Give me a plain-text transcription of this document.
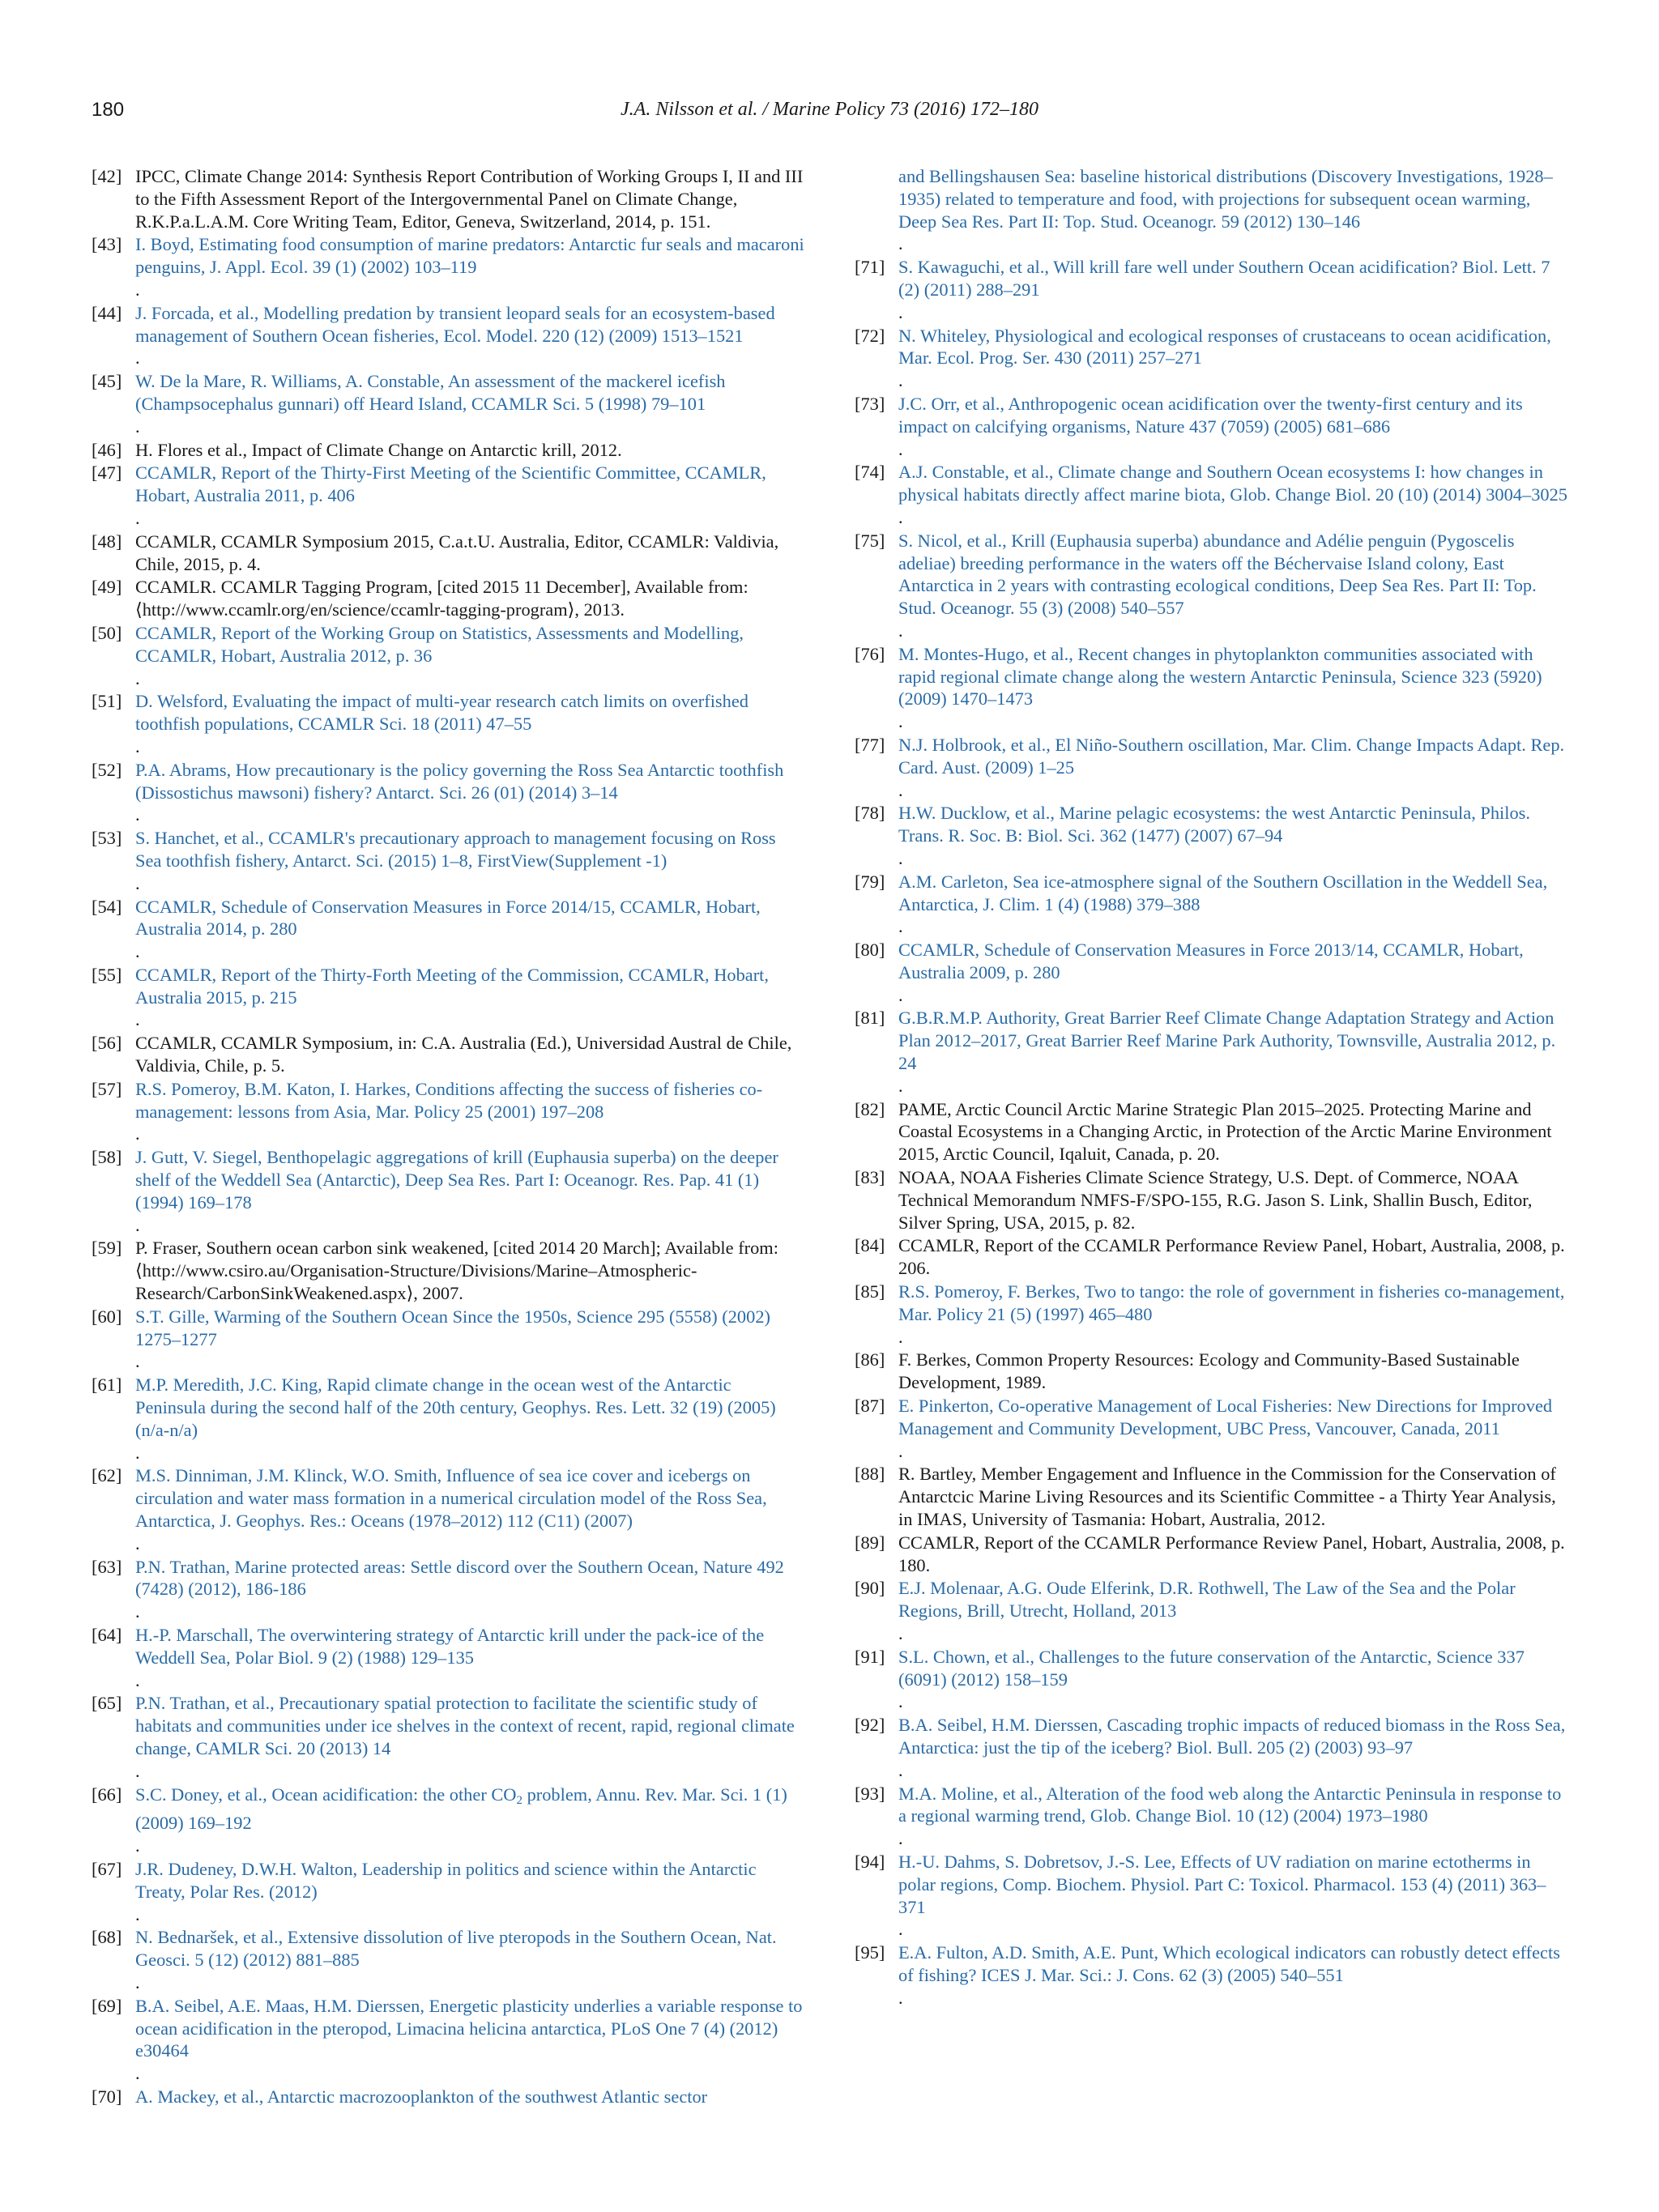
180	J.A. Nilsson et al. / Marine Policy 73 (2016) 172–180
[42] IPCC, Climate Change 2014: Synthesis Report Contribution of Working Groups I, II and III to the Fifth Assessment Report of the Intergovernmental Panel on Climate Change, R.K.P.a.L.A.M. Core Writing Team, Editor, Geneva, Switzerland, 2014, p. 151.
[43] I. Boyd, Estimating food consumption of marine predators: Antarctic fur seals and macaroni penguins, J. Appl. Ecol. 39 (1) (2002) 103–119
.
[44] J. Forcada, et al., Modelling predation by transient leopard seals for an ecosystem-based management of Southern Ocean fisheries, Ecol. Model. 220 (12) (2009) 1513–1521
.
[45] W. De la Mare, R. Williams, A. Constable, An assessment of the mackerel icefish (Champsocephalus gunnari) off Heard Island, CCAMLR Sci. 5 (1998) 79–101
.
[46] H. Flores et al., Impact of Climate Change on Antarctic krill, 2012.
[47] CCAMLR, Report of the Thirty-First Meeting of the Scientific Committee, CCAMLR, Hobart, Australia 2011, p. 406
.
[48] CCAMLR, CCAMLR Symposium 2015, C.a.t.U. Australia, Editor, CCAMLR: Valdivia, Chile, 2015, p. 4.
[49] CCAMLR. CCAMLR Tagging Program, [cited 2015 11 December], Available from: ⟨http://www.ccamlr.org/en/science/ccamlr-tagging-program⟩, 2013.
[50] CCAMLR, Report of the Working Group on Statistics, Assessments and Modelling, CCAMLR, Hobart, Australia 2012, p. 36
.
[51] D. Welsford, Evaluating the impact of multi-year research catch limits on overfished toothfish populations, CCAMLR Sci. 18 (2011) 47–55
.
[52] P.A. Abrams, How precautionary is the policy governing the Ross Sea Antarctic toothfish (Dissostichus mawsoni) fishery? Antarct. Sci. 26 (01) (2014) 3–14
.
[53] S. Hanchet, et al., CCAMLR's precautionary approach to management focusing on Ross Sea toothfish fishery, Antarct. Sci. (2015) 1–8, FirstView(Supplement -1)
.
[54] CCAMLR, Schedule of Conservation Measures in Force 2014/15, CCAMLR, Hobart, Australia 2014, p. 280
.
[55] CCAMLR, Report of the Thirty-Forth Meeting of the Commission, CCAMLR, Hobart, Australia 2015, p. 215
.
[56] CCAMLR, CCAMLR Symposium, in: C.A. Australia (Ed.), Universidad Austral de Chile, Valdivia, Chile, p. 5.
[57] R.S. Pomeroy, B.M. Katon, I. Harkes, Conditions affecting the success of fisheries co-management: lessons from Asia, Mar. Policy 25 (2001) 197–208
.
[58] J. Gutt, V. Siegel, Benthopelagic aggregations of krill (Euphausia superba) on the deeper shelf of the Weddell Sea (Antarctic), Deep Sea Res. Part I: Oceanogr. Res. Pap. 41 (1) (1994) 169–178
.
[59] P. Fraser, Southern ocean carbon sink weakened, [cited 2014 20 March]; Available from: ⟨http://www.csiro.au/Organisation-Structure/Divisions/Marine–Atmospheric-Research/CarbonSinkWeakened.aspx⟩, 2007.
[60] S.T. Gille, Warming of the Southern Ocean Since the 1950s, Science 295 (5558) (2002) 1275–1277
.
[61] M.P. Meredith, J.C. King, Rapid climate change in the ocean west of the Antarctic Peninsula during the second half of the 20th century, Geophys. Res. Lett. 32 (19) (2005) (n/a-n/a)
.
[62] M.S. Dinniman, J.M. Klinck, W.O. Smith, Influence of sea ice cover and icebergs on circulation and water mass formation in a numerical circulation model of the Ross Sea, Antarctica, J. Geophys. Res.: Oceans (1978–2012) 112 (C11) (2007)
.
[63] P.N. Trathan, Marine protected areas: Settle discord over the Southern Ocean, Nature 492 (7428) (2012), 186-186
.
[64] H.-P. Marschall, The overwintering strategy of Antarctic krill under the pack-ice of the Weddell Sea, Polar Biol. 9 (2) (1988) 129–135
.
[65] P.N. Trathan, et al., Precautionary spatial protection to facilitate the scientific study of habitats and communities under ice shelves in the context of recent, rapid, regional climate change, CAMLR Sci. 20 (2013) 14
.
[66] S.C. Doney, et al., Ocean acidification: the other $CO_2$ problem, Annu. Rev. Mar. Sci. 1 (1) (2009) 169–192
.
[67] J.R. Dudeney, D.W.H. Walton, Leadership in politics and science within the Antarctic Treaty, Polar Res. (2012)
.
[68] N. Bednaršek, et al., Extensive dissolution of live pteropods in the Southern Ocean, Nat. Geosci. 5 (12) (2012) 881–885
.
[69] B.A. Seibel, A.E. Maas, H.M. Dierssen, Energetic plasticity underlies a variable response to ocean acidification in the pteropod, Limacina helicina antarctica, PLoS One 7 (4) (2012) e30464
.
[70] A. Mackey, et al., Antarctic macrozooplankton of the southwest Atlantic sector
and Bellingshausen Sea: baseline historical distributions (Discovery Investigations, 1928–1935) related to temperature and food, with projections for subsequent ocean warming, Deep Sea Res. Part II: Top. Stud. Oceanogr. 59 (2012) 130–146
.
[71] S. Kawaguchi, et al., Will krill fare well under Southern Ocean acidification? Biol. Lett. 7 (2) (2011) 288–291
.
[72] N. Whiteley, Physiological and ecological responses of crustaceans to ocean acidification, Mar. Ecol. Prog. Ser. 430 (2011) 257–271
.
[73] J.C. Orr, et al., Anthropogenic ocean acidification over the twenty-first century and its impact on calcifying organisms, Nature 437 (7059) (2005) 681–686
.
[74] A.J. Constable, et al., Climate change and Southern Ocean ecosystems I: how changes in physical habitats directly affect marine biota, Glob. Change Biol. 20 (10) (2014) 3004–3025
.
[75] S. Nicol, et al., Krill (Euphausia superba) abundance and Adélie penguin (Pygoscelis adeliae) breeding performance in the waters off the Béchervaise Island colony, East Antarctica in 2 years with contrasting ecological conditions, Deep Sea Res. Part II: Top. Stud. Oceanogr. 55 (3) (2008) 540–557
.
[76] M. Montes-Hugo, et al., Recent changes in phytoplankton communities associated with rapid regional climate change along the western Antarctic Peninsula, Science 323 (5920) (2009) 1470–1473
.
[77] N.J. Holbrook, et al., El Niño-Southern oscillation, Mar. Clim. Change Impacts Adapt. Rep. Card. Aust. (2009) 1–25
.
[78] H.W. Ducklow, et al., Marine pelagic ecosystems: the west Antarctic Peninsula, Philos. Trans. R. Soc. B: Biol. Sci. 362 (1477) (2007) 67–94
.
[79] A.M. Carleton, Sea ice-atmosphere signal of the Southern Oscillation in the Weddell Sea, Antarctica, J. Clim. 1 (4) (1988) 379–388
.
[80] CCAMLR, Schedule of Conservation Measures in Force 2013/14, CCAMLR, Hobart, Australia 2009, p. 280
.
[81] G.B.R.M.P. Authority, Great Barrier Reef Climate Change Adaptation Strategy and Action Plan 2012–2017, Great Barrier Reef Marine Park Authority, Townsville, Australia 2012, p. 24
.
[82] PAME, Arctic Council Arctic Marine Strategic Plan 2015–2025. Protecting Marine and Coastal Ecosystems in a Changing Arctic, in Protection of the Arctic Marine Environment 2015, Arctic Council, Iqaluit, Canada, p. 20.
[83] NOAA, NOAA Fisheries Climate Science Strategy, U.S. Dept. of Commerce, NOAA Technical Memorandum NMFS-F/SPO-155, R.G. Jason S. Link, Shallin Busch, Editor, Silver Spring, USA, 2015, p. 82.
[84] CCAMLR, Report of the CCAMLR Performance Review Panel, Hobart, Australia, 2008, p. 206.
[85] R.S. Pomeroy, F. Berkes, Two to tango: the role of government in fisheries co-management, Mar. Policy 21 (5) (1997) 465–480
.
[86] F. Berkes, Common Property Resources: Ecology and Community-Based Sustainable Development, 1989.
[87] E. Pinkerton, Co-operative Management of Local Fisheries: New Directions for Improved Management and Community Development, UBC Press, Vancouver, Canada, 2011
.
[88] R. Bartley, Member Engagement and Influence in the Commission for the Conservation of Antarctcic Marine Living Resources and its Scientific Committee - a Thirty Year Analysis, in IMAS, University of Tasmania: Hobart, Australia, 2012.
[89] CCAMLR, Report of the CCAMLR Performance Review Panel, Hobart, Australia, 2008, p. 180.
[90] E.J. Molenaar, A.G. Oude Elferink, D.R. Rothwell, The Law of the Sea and the Polar Regions, Brill, Utrecht, Holland, 2013
.
[91] S.L. Chown, et al., Challenges to the future conservation of the Antarctic, Science 337 (6091) (2012) 158–159
.
[92] B.A. Seibel, H.M. Dierssen, Cascading trophic impacts of reduced biomass in the Ross Sea, Antarctica: just the tip of the iceberg? Biol. Bull. 205 (2) (2003) 93–97
.
[93] M.A. Moline, et al., Alteration of the food web along the Antarctic Peninsula in response to a regional warming trend, Glob. Change Biol. 10 (12) (2004) 1973–1980
.
[94] H.-U. Dahms, S. Dobretsov, J.-S. Lee, Effects of UV radiation on marine ectotherms in polar regions, Comp. Biochem. Physiol. Part C: Toxicol. Pharmacol. 153 (4) (2011) 363–371
.
[95] E.A. Fulton, A.D. Smith, A.E. Punt, Which ecological indicators can robustly detect effects of fishing? ICES J. Mar. Sci.: J. Cons. 62 (3) (2005) 540–551
.
